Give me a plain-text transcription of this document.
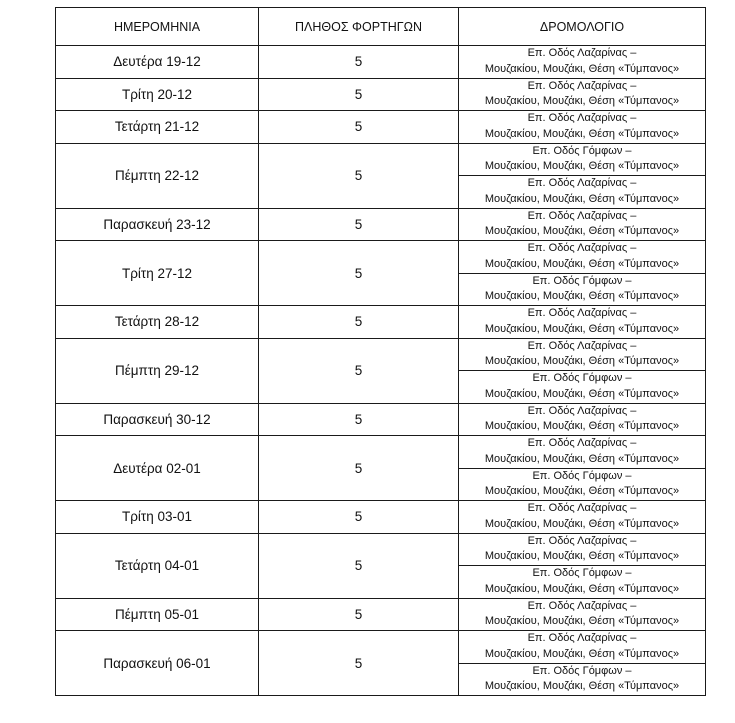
ΗΜΕΡΟΜΗΝΙΑ	ΠΛΗΘΟΣ ΦΟΡΤΗΓΩΝ	ΔΡΟΜΟΛΟΓΙΟ
Δευτέρα 19-12	5	Επ. Οδός Λαζαρίνας –
Μουζακίου, Μουζάκι, Θέση «Τύμπανος»

Τρίτη 20-12	5	Επ. Οδός Λαζαρίνας –
Μουζακίου, Μουζάκι, Θέση «Τύμπανος»

Τετάρτη 21-12	5	Επ. Οδός Λαζαρίνας –
Μουζακίου, Μουζάκι, Θέση «Τύμπανος»

Πέμπτη 22-12	5	Επ. Οδός Γόμφων –
Μουζακίου, Μουζάκι, Θέση «Τύμπανος»

		Επ. Οδός Λαζαρίνας –
Μουζακίου, Μουζάκι, Θέση «Τύμπανος»

Παρασκευή 23-12	5	Επ. Οδός Λαζαρίνας –
Μουζακίου, Μουζάκι, Θέση «Τύμπανος»

Τρίτη 27-12	5	Επ. Οδός Λαζαρίνας –
Μουζακίου, Μουζάκι, Θέση «Τύμπανος»

		Επ. Οδός Γόμφων –
Μουζακίου, Μουζάκι, Θέση «Τύμπανος»

Τετάρτη 28-12	5	Επ. Οδός Λαζαρίνας –
Μουζακίου, Μουζάκι, Θέση «Τύμπανος»

Πέμπτη 29-12	5	Επ. Οδός Λαζαρίνας –
Μουζακίου, Μουζάκι, Θέση «Τύμπανος»

		Επ. Οδός Γόμφων –
Μουζακίου, Μουζάκι, Θέση «Τύμπανος»

Παρασκευή 30-12	5	Επ. Οδός Λαζαρίνας –
Μουζακίου, Μουζάκι, Θέση «Τύμπανος»

Δευτέρα 02-01	5	Επ. Οδός Λαζαρίνας –
Μουζακίου, Μουζάκι, Θέση «Τύμπανος»

		Επ. Οδός Γόμφων –
Μουζακίου, Μουζάκι, Θέση «Τύμπανος»

Τρίτη 03-01	5	Επ. Οδός Λαζαρίνας –
Μουζακίου, Μουζάκι, Θέση «Τύμπανος»

Τετάρτη 04-01	5	Επ. Οδός Λαζαρίνας –
Μουζακίου, Μουζάκι, Θέση «Τύμπανος»

		Επ. Οδός Γόμφων –
Μουζακίου, Μουζάκι, Θέση «Τύμπανος»

Πέμπτη 05-01	5	Επ. Οδός Λαζαρίνας –
Μουζακίου, Μουζάκι, Θέση «Τύμπανος»

Παρασκευή 06-01	5	Επ. Οδός Λαζαρίνας –
Μουζακίου, Μουζάκι, Θέση «Τύμπανος»

		Επ. Οδός Γόμφων –
Μουζακίου, Μουζάκι, Θέση «Τύμπανος»
